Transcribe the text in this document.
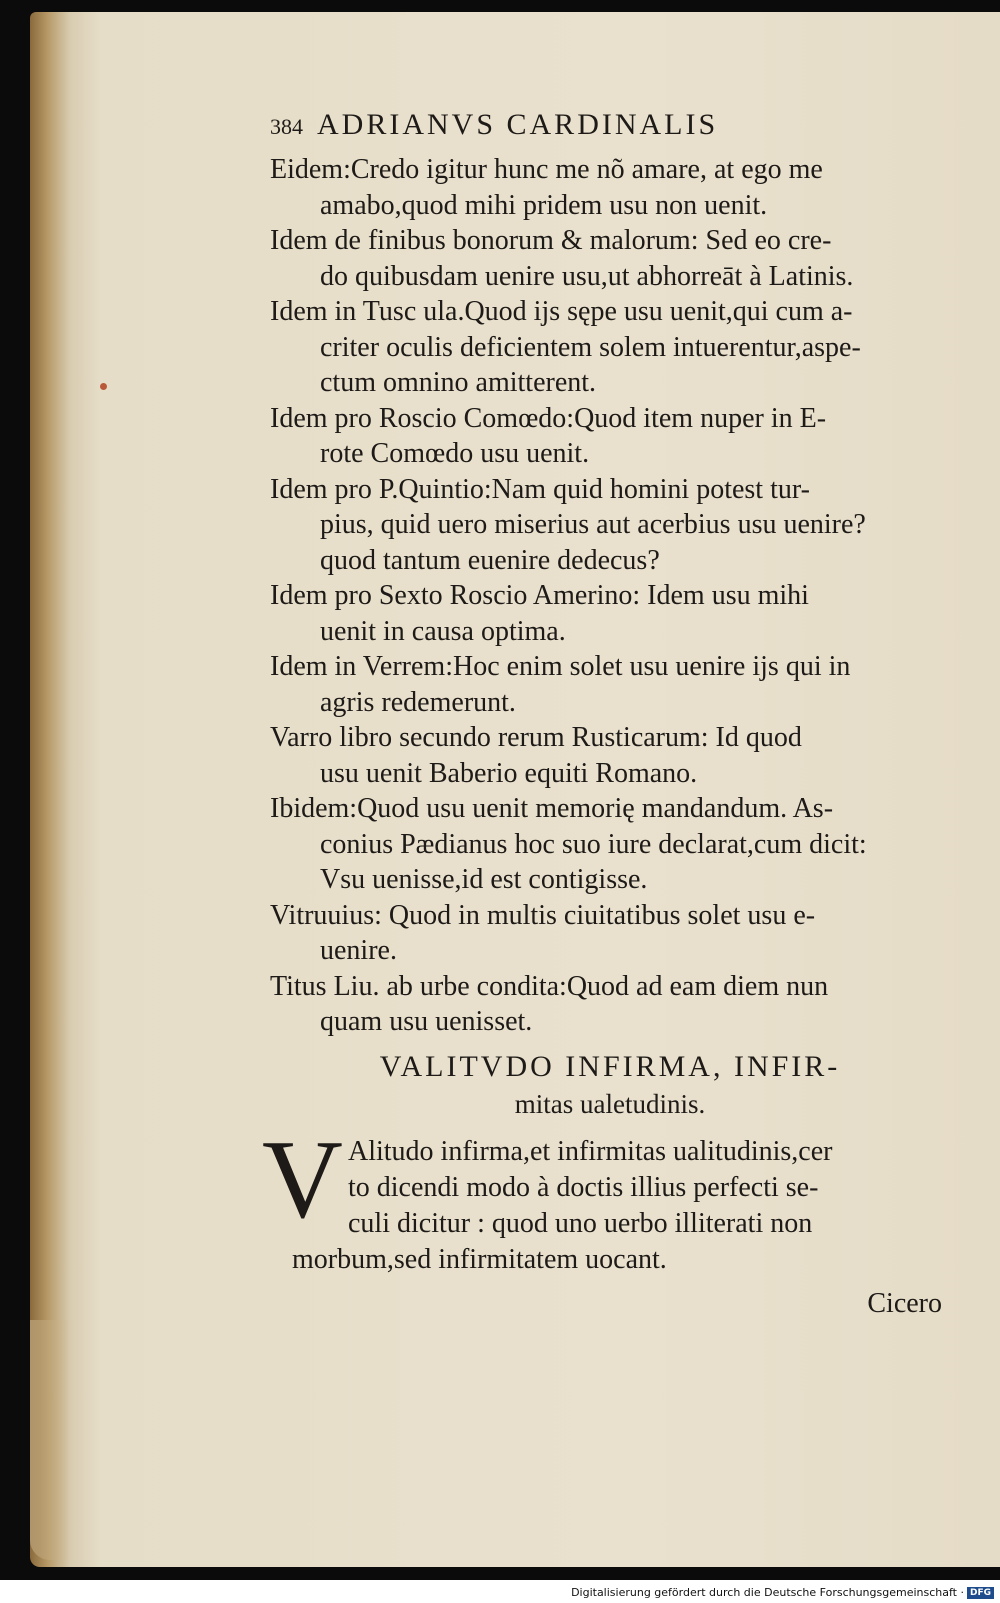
384 ADRIANVS CARDINALIS
Eidem:Credo igitur hunc me nõ amare, at ego me
amabo,quod mihi pridem usu non uenit.
Idem de finibus bonorum & malorum: Sed eo cre-
do quibusdam uenire usu,ut abhorreāt à Latinis.
Idem in Tusc ula.Quod ijs sępe usu uenit,qui cum a-
criter oculis deficientem solem intuerentur,aspe-
ctum omnino amitterent.
Idem pro Roscio Comœdo:Quod item nuper in E-
rote Comœdo usu uenit.
Idem pro P.Quintio:Nam quid homini potest tur-
pius, quid uero miserius aut acerbius usu uenire?
quod tantum euenire dedecus?
Idem pro Sexto Roscio Amerino: Idem usu mihi
uenit in causa optima.
Idem in Verrem:Hoc enim solet usu uenire ijs qui in
agris redemerunt.
Varro libro secundo rerum Rusticarum: Id quod
usu uenit Baberio equiti Romano.
Ibidem:Quod usu uenit memorię mandandum. As-
conius Pædianus hoc suo iure declarat,cum dicit:
Vsu uenisse,id est contigisse.
Vitruuius: Quod in multis ciuitatibus solet usu e-
uenire.
Titus Liu. ab urbe condita:Quod ad eam diem nun
quam usu uenisset.
VALITVDO INFIRMA, INFIR-
mitas ualetudinis.
V Alitudo infirma,et infirmitas ualitudinis,cer
to dicendi modo à doctis illius perfecti se-
culi dicitur : quod uno uerbo illiterati non
morbum,sed infirmitatem uocant.
Cicero
Digitalisierung gefördert durch die Deutsche Forschungsgemeinschaft · DFG
